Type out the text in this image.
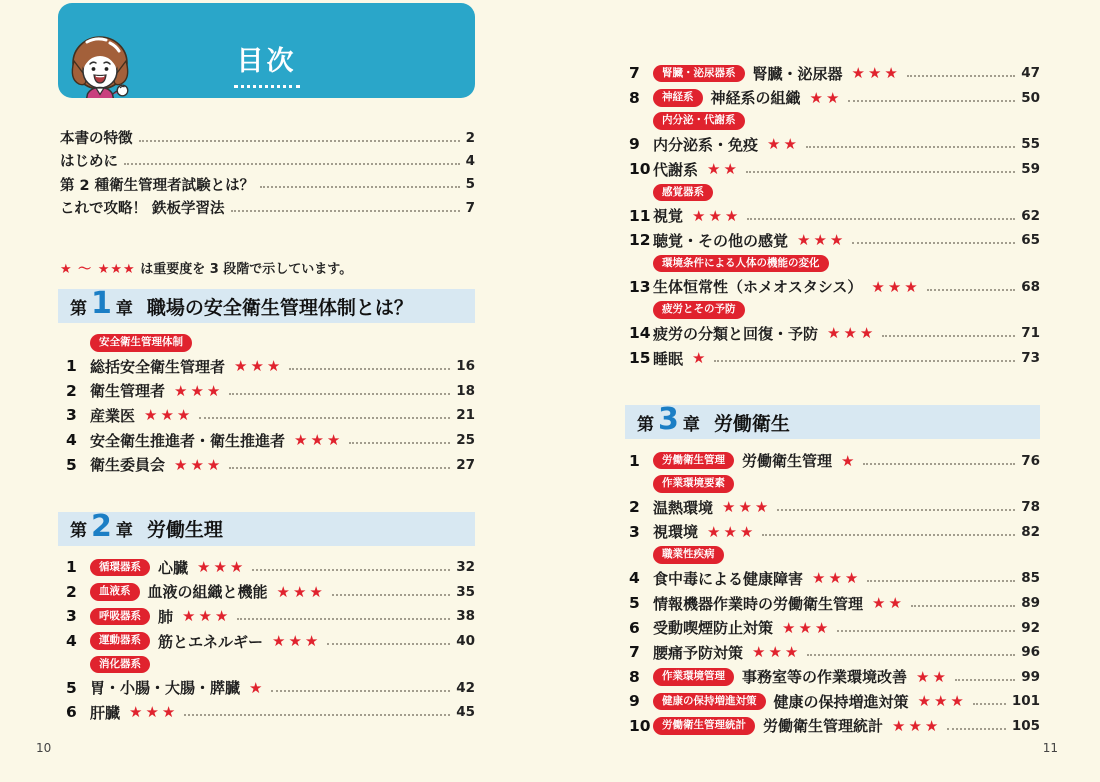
目次
本書の特徴	2
はじめに	4
第 2 種衛生管理者試験とは？	5
これで攻略！ 鉄板学習法	7
★ 〜 ★★★ は重要度を 3 段階で示しています。
第 1 章 職場の安全衛生管理体制とは？
安全衛生管理体制
1 総括安全衛生管理者 ★★★	16
2 衛生管理者 ★★★	18
3 産業医 ★★★	21
4 安全衛生推進者・衛生推進者 ★★★	25
5 衛生委員会 ★★★	27
第 2 章 労働生理
1	循環器系	心臓 ★★★	32
2	血液系	血液の組織と機能 ★★★	35
3	呼吸器系	肺 ★★★	38
4	運動器系	筋とエネルギー ★★★	40
消化器系
5 胃・小腸・大腸・膵臓 ★	42
6 肝臓 ★★★	45
7	腎臓・泌尿器系	腎臓・泌尿器 ★★★	47
8	神経系	神経系の組織 ★★	50
内分泌・代謝系
9 内分泌系・免疫 ★★	55
10 代謝系 ★★	59
感覚器系
11 視覚 ★★★	62
12 聴覚・その他の感覚 ★★★	65
環境条件による人体の機能の変化
13 生体恒常性（ホメオスタシス） ★★★	68
疲労とその予防
14 疲労の分類と回復・予防 ★★★	71
15 睡眠 ★	73
第 3 章 労働衛生
1	労働衛生管理	労働衛生管理 ★	76
作業環境要素
2 温熱環境 ★★★	78
3 視環境 ★★★	82
職業性疾病
4 食中毒による健康障害 ★★★	85
5 情報機器作業時の労働衛生管理 ★★	89
6 受動喫煙防止対策 ★★★	92
7 腰痛予防対策 ★★★	96
8	作業環境管理	事務室等の作業環境改善 ★★	99
9	健康の保持増進対策	健康の保持増進対策 ★★★	101
10	労働衛生管理統計	労働衛生管理統計 ★★★	105
10	11
